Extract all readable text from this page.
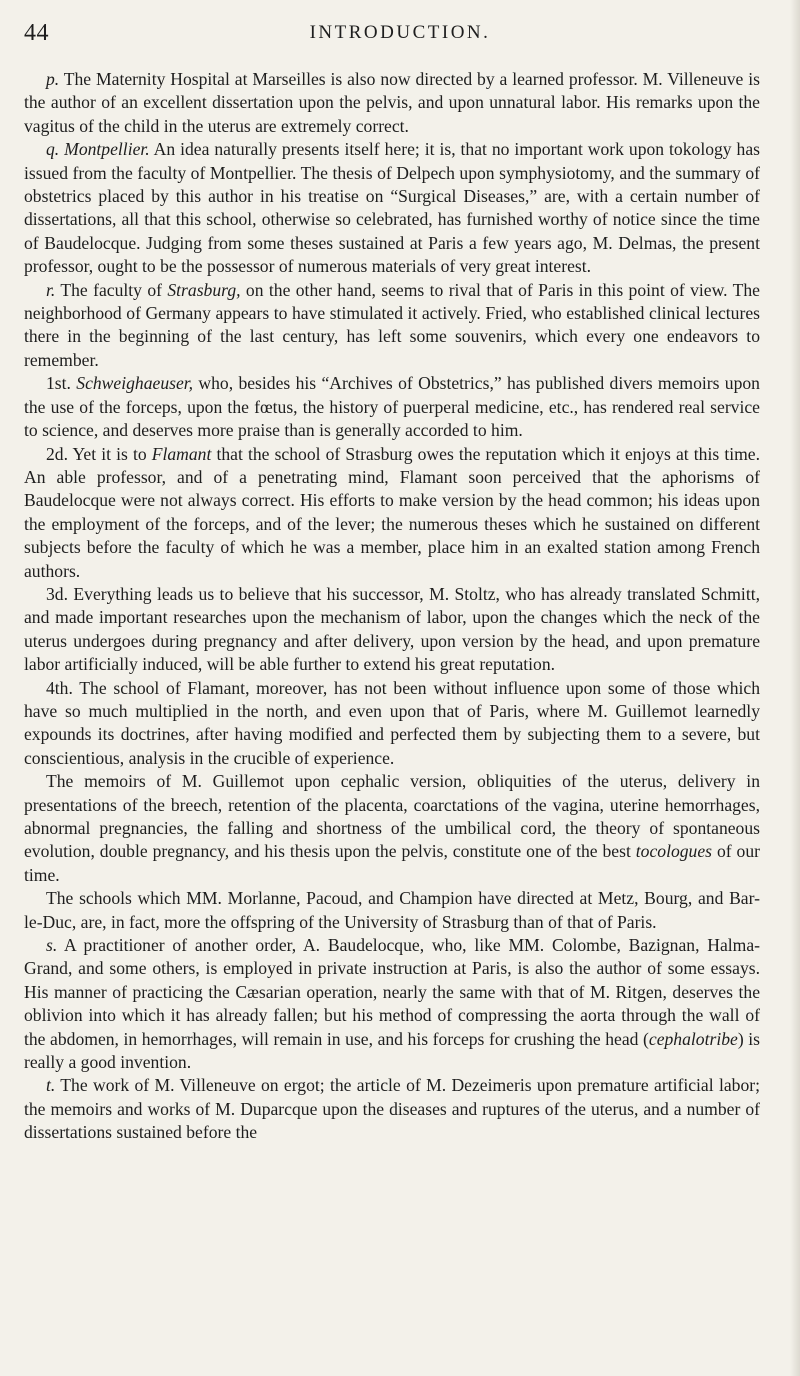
44	INTRODUCTION.

p. The Maternity Hospital at Marseilles is also now directed by a learned professor. M. Villeneuve is the author of an excellent dissertation upon the pelvis, and upon unnatural labor. His remarks upon the vagitus of the child in the uterus are extremely correct.

q. Montpellier. An idea naturally presents itself here; it is, that no important work upon tokology has issued from the faculty of Montpellier. The thesis of Delpech upon symphysiotomy, and the summary of obstetrics placed by this author in his treatise on “Surgical Diseases,” are, with a certain number of dissertations, all that this school, otherwise so celebrated, has furnished worthy of notice since the time of Baudelocque. Judging from some theses sustained at Paris a few years ago, M. Delmas, the present professor, ought to be the possessor of numerous materials of very great interest.

r. The faculty of Strasburg, on the other hand, seems to rival that of Paris in this point of view. The neighborhood of Germany appears to have stimulated it actively. Fried, who established clinical lectures there in the beginning of the last century, has left some souvenirs, which every one endeavors to remember.

1st. Schweighaeuser, who, besides his “Archives of Obstetrics,” has published divers memoirs upon the use of the forceps, upon the fœtus, the history of puerperal medicine, etc., has rendered real service to science, and deserves more praise than is generally accorded to him.

2d. Yet it is to Flamant that the school of Strasburg owes the reputation which it enjoys at this time. An able professor, and of a penetrating mind, Flamant soon perceived that the aphorisms of Baudelocque were not always correct. His efforts to make version by the head common; his ideas upon the employment of the forceps, and of the lever; the numerous theses which he sustained on different subjects before the faculty of which he was a member, place him in an exalted station among French authors.

3d. Everything leads us to believe that his successor, M. Stoltz, who has already translated Schmitt, and made important researches upon the mechanism of labor, upon the changes which the neck of the uterus undergoes during pregnancy and after delivery, upon version by the head, and upon premature labor artificially induced, will be able further to extend his great reputation.

4th. The school of Flamant, moreover, has not been without influence upon some of those which have so much multiplied in the north, and even upon that of Paris, where M. Guillemot learnedly expounds its doctrines, after having modified and perfected them by subjecting them to a severe, but conscientious, analysis in the crucible of experience.

The memoirs of M. Guillemot upon cephalic version, obliquities of the uterus, delivery in presentations of the breech, retention of the placenta, coarctations of the vagina, uterine hemorrhages, abnormal pregnancies, the falling and shortness of the umbilical cord, the theory of spontaneous evolution, double pregnancy, and his thesis upon the pelvis, constitute one of the best tocologues of our time.

The schools which MM. Morlanne, Pacoud, and Champion have directed at Metz, Bourg, and Bar-le-Duc, are, in fact, more the offspring of the University of Strasburg than of that of Paris.

s. A practitioner of another order, A. Baudelocque, who, like MM. Colombe, Bazignan, Halma-Grand, and some others, is employed in private instruction at Paris, is also the author of some essays. His manner of practicing the Cæsarian operation, nearly the same with that of M. Ritgen, deserves the oblivion into which it has already fallen; but his method of compressing the aorta through the wall of the abdomen, in hemorrhages, will remain in use, and his forceps for crushing the head (cephalotribe) is really a good invention.

t. The work of M. Villeneuve on ergot; the article of M. Dezeimeris upon premature artificial labor; the memoirs and works of M. Duparcque upon the diseases and ruptures of the uterus, and a number of dissertations sustained before the
